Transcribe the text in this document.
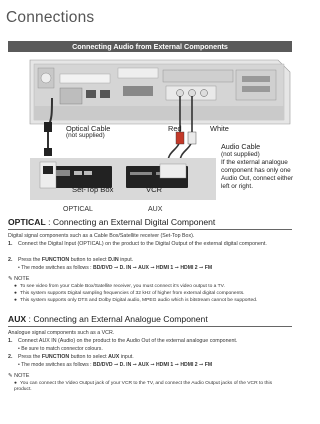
Connections
Connecting Audio from External Components
Optical Cable
(not supplied)
Red	White
Audio Cable
(not supplied)
If the external analogue
component has only one
Audio Out, connect either
left or right.
Set-Top Box	VCR
OPTICAL	AUX
OPTICAL : Connecting an External Digital Component
Digital signal components such as a Cable Box/Satellite receiver (Set-Top Box).
1. Connect the Digital Input (OPTICAL) on the product to the Digital Output of the external digital component.
2. Press the FUNCTION button to select D.IN input.
• The mode switches as follows : BD/DVD ➞ D. IN ➞ AUX ➞ HDMI 1 ➞ HDMI 2 ➞ FM
✎ NOTE
● To see video from your Cable Box/Satellite receiver, you must connect it's video output to a TV.
● This system supports Digital sampling frequencies of 32 kHz of higher from external digital components.
● This system supports only DTS and Dolby Digital audio, MPEG audio which is bitstream cannot be supported.
AUX : Connecting an External Analogue Component
Analogue signal components such as a VCR.
1. Connect AUX IN (Audio) on the product to the Audio Out of the external analogue component.
• Be sure to match connector colours.
2. Press the FUNCTION button to select AUX input.
• The mode switches as follows : BD/DVD ➞ D. IN ➞ AUX ➞ HDMI 1 ➞ HDMI 2 ➞ FM
✎ NOTE
● You can connect the Video Output jack of your VCR to the TV, and connect the Audio Output jacks of the VCR to this product.
